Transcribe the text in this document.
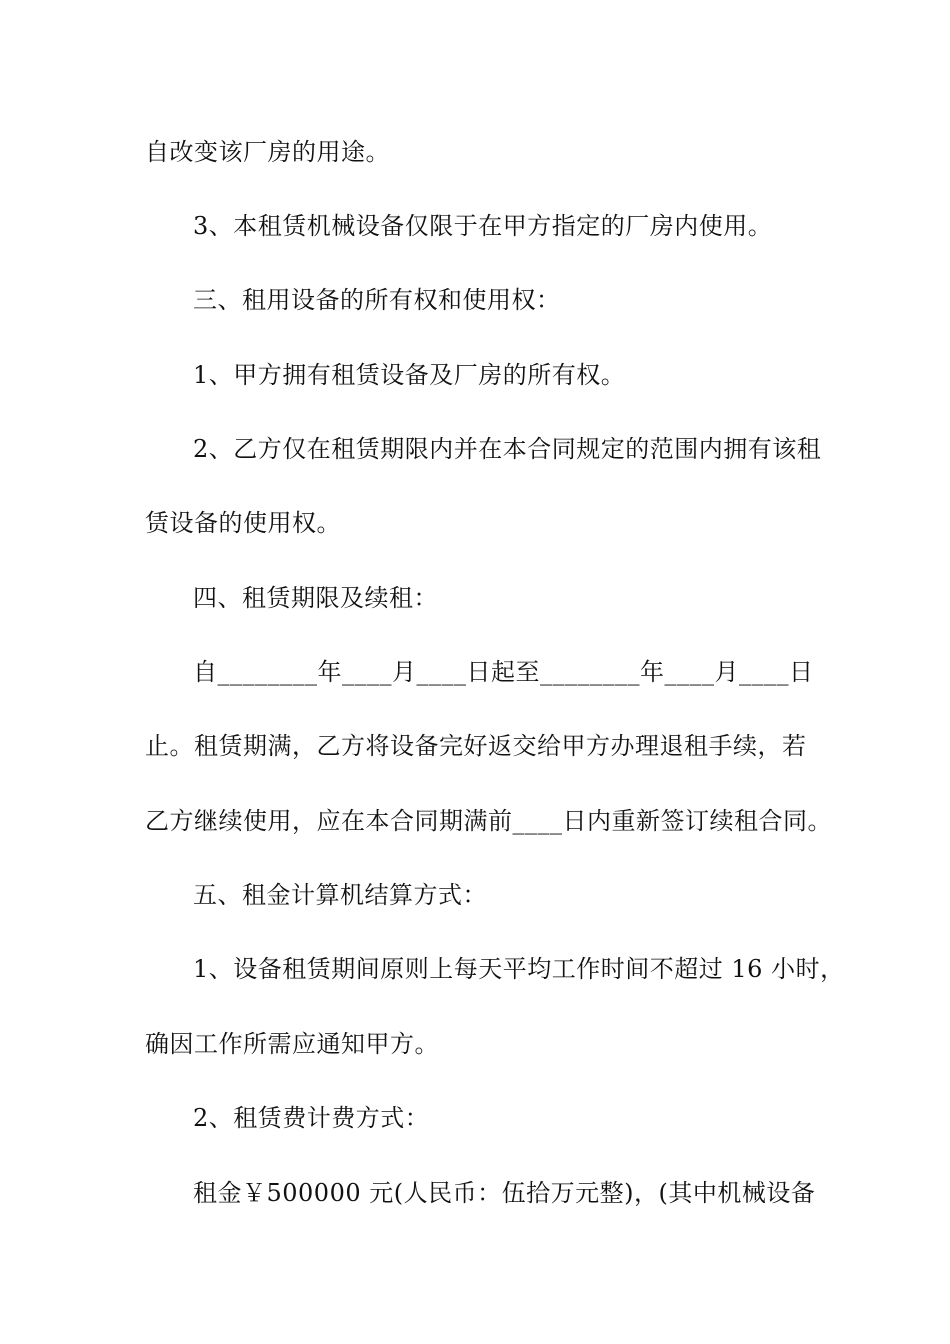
自改变该厂房的用途。
3、本租赁机械设备仅限于在甲方指定的厂房内使用。
三、租用设备的所有权和使用权：
1、甲方拥有租赁设备及厂房的所有权。
2、乙方仅在租赁期限内并在本合同规定的范围内拥有该租
赁设备的使用权。
四、租赁期限及续租：
自________年____月____日起至________年____月____日
止。租赁期满，乙方将设备完好返交给甲方办理退租手续，若
乙方继续使用，应在本合同期满前____日内重新签订续租合同。
五、租金计算机结算方式：
1、设备租赁期间原则上每天平均工作时间不超过 16 小时，
确因工作所需应通知甲方。
2、租赁费计费方式：
租金￥500000 元(人民币：伍拾万元整)，(其中机械设备
